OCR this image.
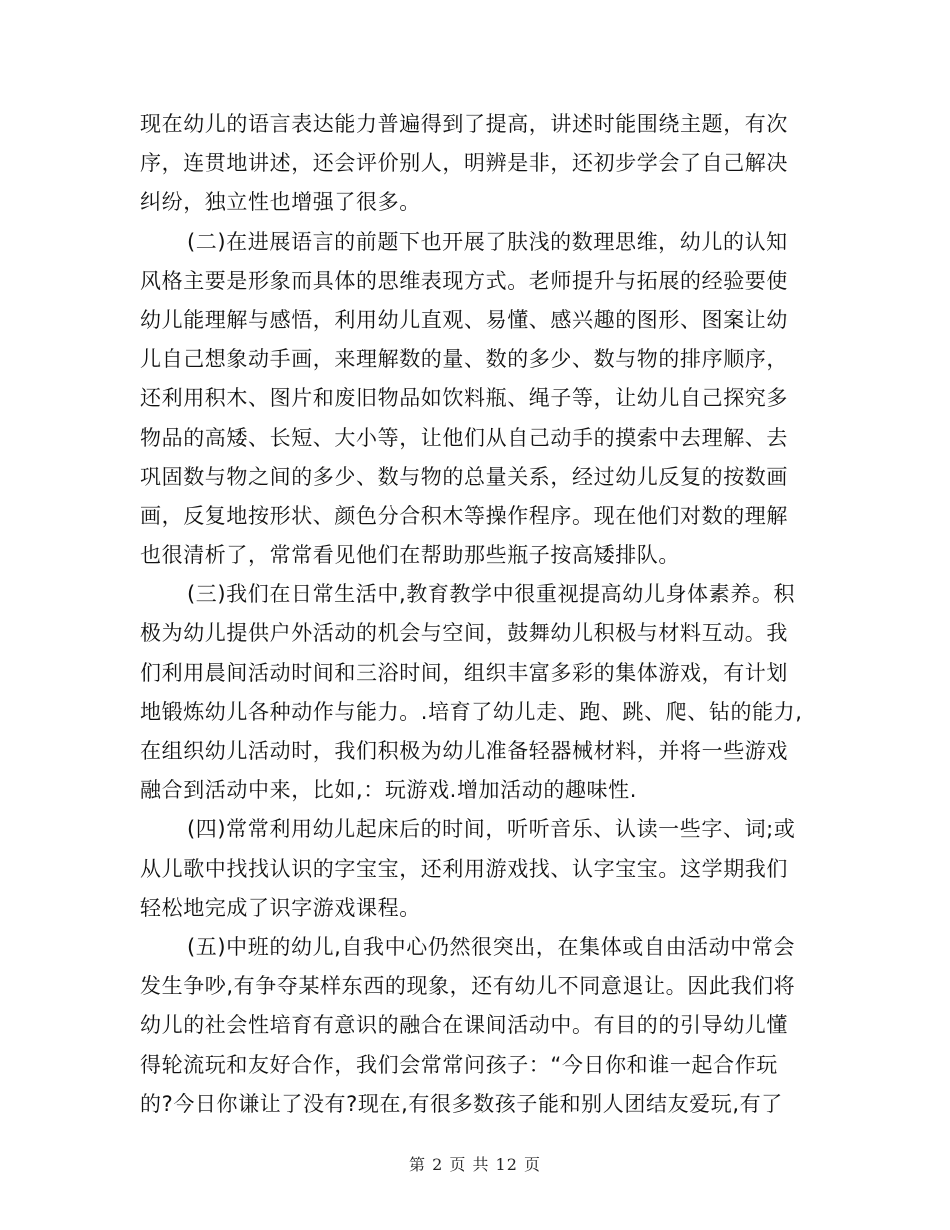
现在幼儿的语言表达能力普遍得到了提高，讲述时能围绕主题，有次
序，连贯地讲述，还会评价别人，明辨是非，还初步学会了自己解决
纠纷，独立性也增强了很多。
(二)在进展语言的前题下也开展了肤浅的数理思维，幼儿的认知
风格主要是形象而具体的思维表现方式。老师提升与拓展的经验要使
幼儿能理解与感悟，利用幼儿直观、易懂、感兴趣的图形、图案让幼
儿自己想象动手画，来理解数的量、数的多少、数与物的排序顺序，
还利用积木、图片和废旧物品如饮料瓶、绳子等，让幼儿自己探究多
物品的高矮、长短、大小等，让他们从自己动手的摸索中去理解、去
巩固数与物之间的多少、数与物的总量关系，经过幼儿反复的按数画
画，反复地按形状、颜色分合积木等操作程序。现在他们对数的理解
也很清析了，常常看见他们在帮助那些瓶子按高矮排队。
(三)我们在日常生活中,教育教学中很重视提高幼儿身体素养。积
极为幼儿提供户外活动的机会与空间，鼓舞幼儿积极与材料互动。我
们利用晨间活动时间和三浴时间，组织丰富多彩的集体游戏，有计划
地锻炼幼儿各种动作与能力。.培育了幼儿走、跑、跳、爬、钻的能力,
在组织幼儿活动时，我们积极为幼儿准备轻器械材料，并将一些游戏
融合到活动中来，比如,：玩游戏.增加活动的趣味性.
(四)常常利用幼儿起床后的时间，听听音乐、认读一些字、词;或
从儿歌中找找认识的字宝宝，还利用游戏找、认字宝宝。这学期我们
轻松地完成了识字游戏课程。
(五)中班的幼儿,自我中心仍然很突出，在集体或自由活动中常会
发生争吵,有争夺某样东西的现象，还有幼儿不同意退让。因此我们将
幼儿的社会性培育有意识的融合在课间活动中。有目的的引导幼儿懂
得轮流玩和友好合作，我们会常常问孩子：“今日你和谁一起合作玩
的?今日你谦让了没有?现在,有很多数孩子能和别人团结友爱玩,有了
第 2 页 共 12 页
